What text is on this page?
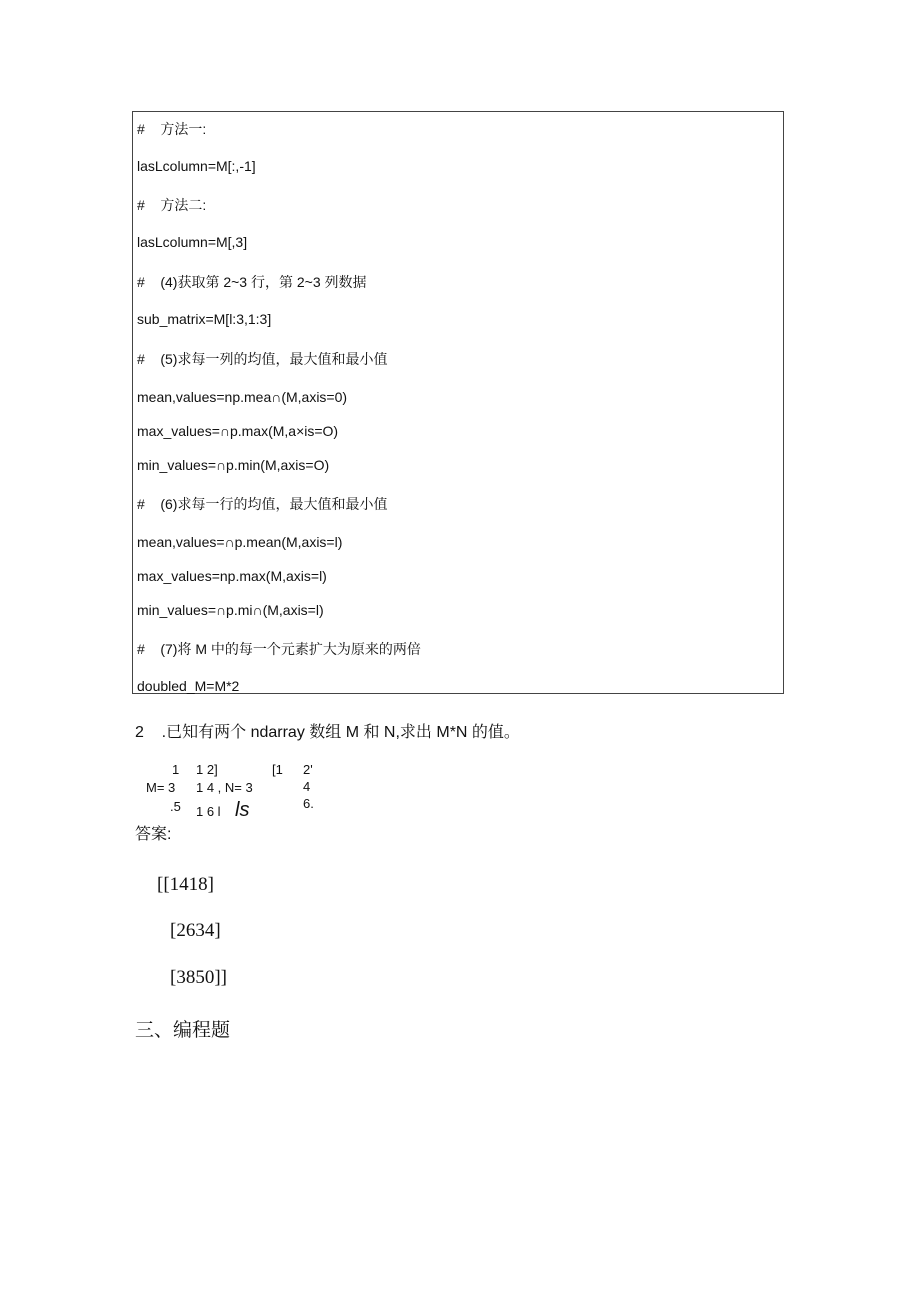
#    方法一:
lasLcolumn=M[:,-1]
#    方法二:
lasLcolumn=M[,3]
#    (4)获取第 2~3 行，第 2~3 列数据
sub_matrix=M[l:3,1:3]
#    (5)求每一列的均值，最大值和最小值
mean,values=np.mea∩(M,axis=0)
max_values=∩p.max(M,a×is=O)
min_values=∩p.min(M,axis=O)
#    (6)求每一行的均值，最大值和最小值
mean,values=∩p.mean(M,axis=l)
max_values=np.max(M,axis=l)
min_values=∩p.mi∩(M,axis=l)
#    (7)将 M 中的每一个元素扩大为原来的两倍
doubled_M=M*2
2    .已知有两个 ndarray 数组 M 和 N,求出 M*N 的值。
1 1 2]	[1 2'
M= 3 1 4 , N= 3	4
.5 1 6 l ls	6.
答案:
[[1418]
[2634]
[3850]]
三、编程题
